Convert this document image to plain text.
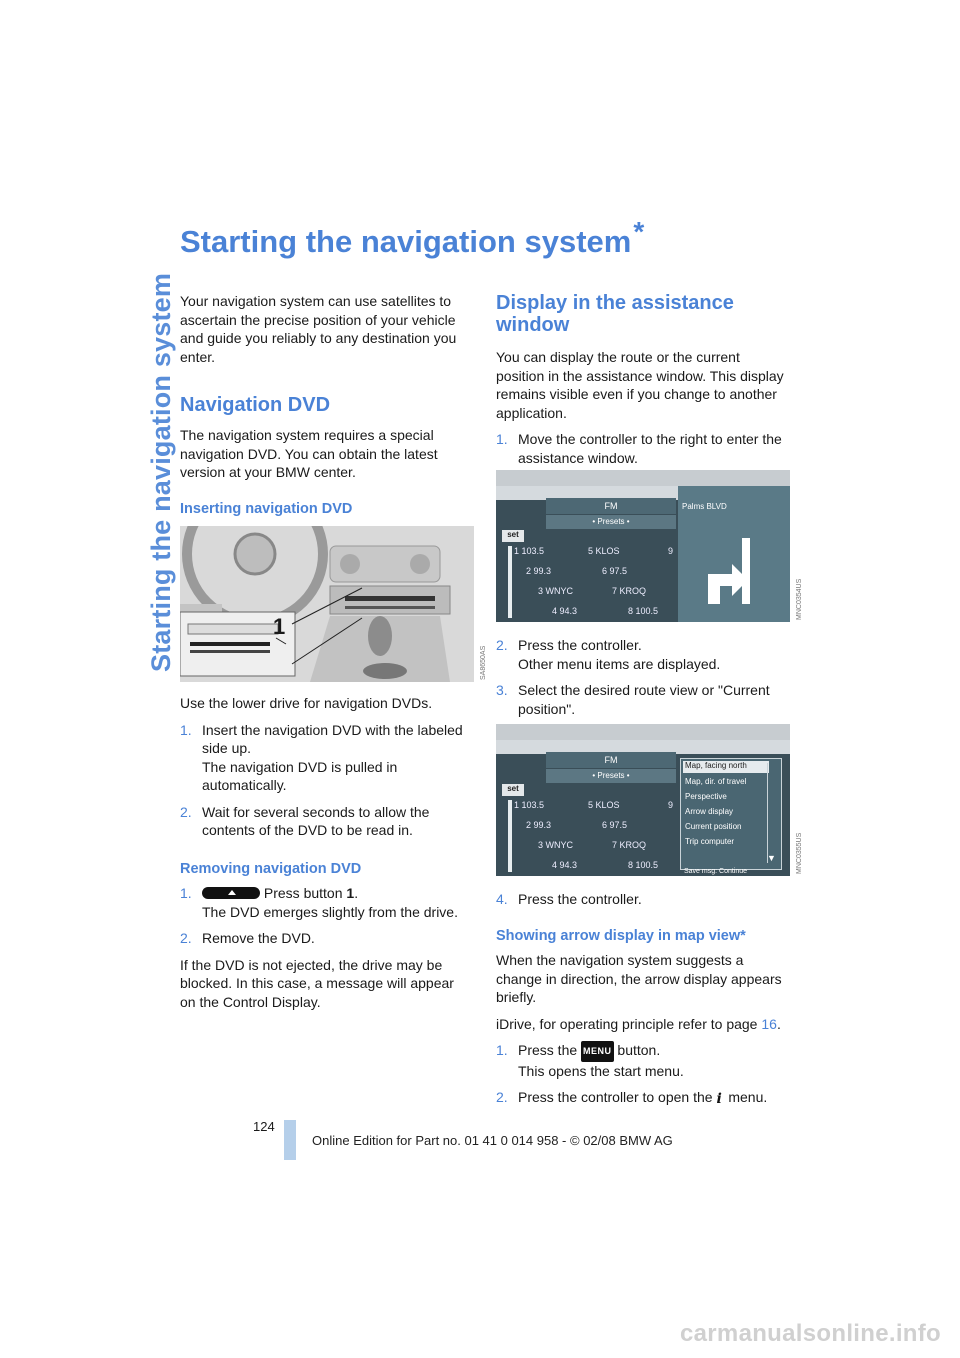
Starting the navigation system
Starting the navigation system*

Your navigation system can use satellites to ascertain the precise position of your vehicle and guide you reliably to any destination you enter.

Navigation DVD

The navigation system requires a special navigation DVD. You can obtain the latest version at your BMW center.

Inserting navigation DVD
1
SA8650AS

Use the lower drive for navigation DVDs.

1. Insert the navigation DVD with the labeled side up.
The navigation DVD is pulled in automatically.
2. Wait for several seconds to allow the contents of the DVD to be read in.
Removing navigation DVD
1.	Press button 1.
The DVD emerges slightly from the drive.
2. Remove the DVD.

If the DVD is not ejected, the drive may be blocked. In this case, a message will appear on the Control Display.

Display in the assistance window

You can display the route or the current position in the assistance window. This display remains visible even if you change to another application.

1. Move the controller to the right to enter the assistance window.
FM
• Presets •
set
1 103.5	5 KLOS	9
2 99.3	6 97.5
3 WNYC	7 KROQ
4 94.3	8 100.5
Palms BLVD
MNC0354US
2. Press the controller.
Other menu items are displayed.
3. Select the desired route view or "Current position".
FM
• Presets •
set
1 103.5	5 KLOS	9
2 99.3	6 97.5
3 WNYC	7 KROQ
4 94.3	8 100.5
Map, facing north
Map, dir. of travel
Perspective
Arrow display
Current position
Trip computer
▼
Save msg: Continue	MNC0355US
4. Press the controller.
Showing arrow display in map view*

When the navigation system suggests a change in direction, the arrow display appears briefly.

iDrive, for operating principle refer to page 16.

1. Press the MENU button.
This opens the start menu.
2. Press the controller to open the i menu.
124
Online Edition for Part no. 01 41 0 014 958 - © 02/08 BMW AG
carmanualsonline.info
